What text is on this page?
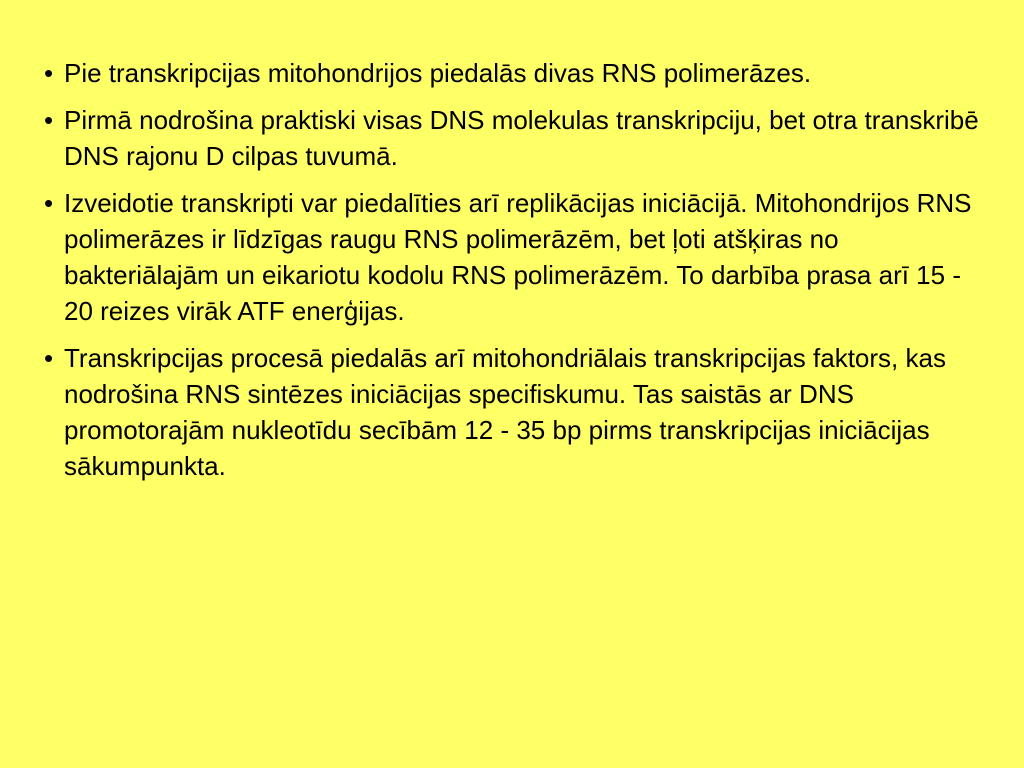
• Pie transkripcijas mitohondrijos piedalās divas RNS polimerāzes.
• Pirmā nodrošina praktiski visas DNS molekulas transkripciju, bet otra transkribē DNS rajonu D cilpas tuvumā.
• Izveidotie transkripti var piedalīties arī replikācijas iniciācijā. Mitohondrijos RNS polimerāzes ir līdzīgas raugu RNS polimerāzēm, bet ļoti atšķiras no bakteriālajām un eikariotu kodolu RNS polimerāzēm. To darbība prasa arī 15 - 20 reizes virāk ATF enerģijas.
• Transkripcijas procesā piedalās arī mitohondriālais transkripcijas faktors, kas nodrošina RNS sintēzes iniciācijas specifiskumu. Tas saistās ar DNS promotorajām nukleotīdu secībām 12 - 35 bp pirms transkripcijas iniciācijas sākumpunkta.
